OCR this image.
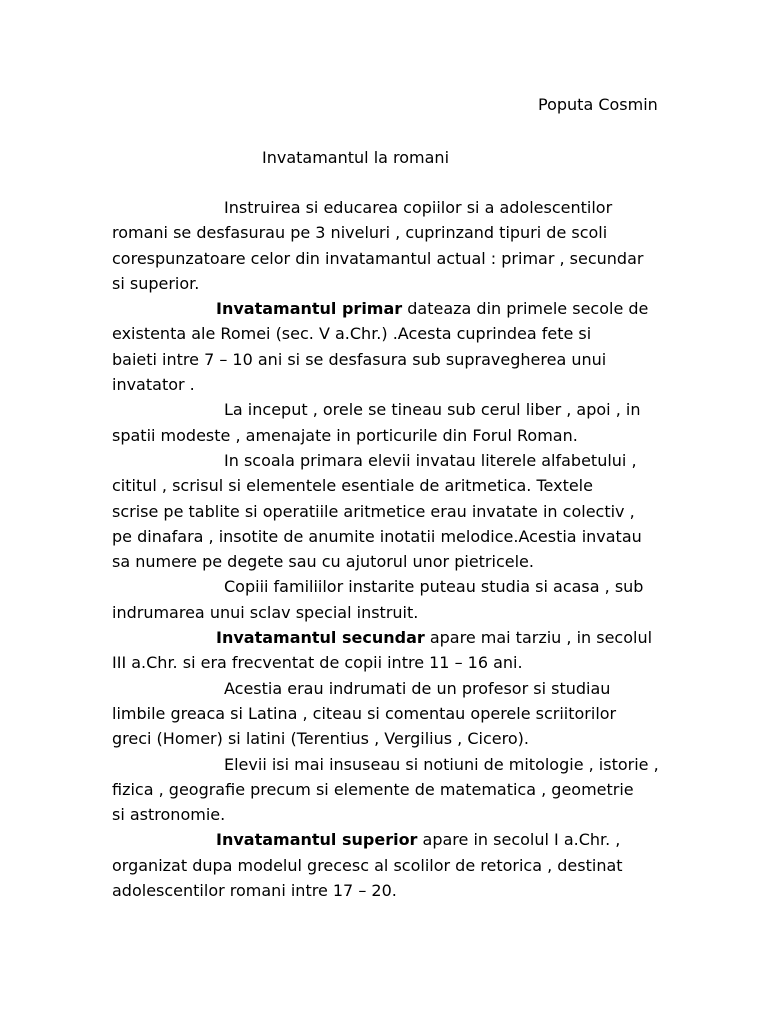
Poputa Cosmin
Invatamantul la romani
Instruirea si educarea copiilor si a adolescentilor
romani se desfasurau pe 3 niveluri , cuprinzand tipuri de scoli
corespunzatoare celor din invatamantul actual : primar , secundar
si superior.
Invatamantul primar dateaza din primele secole de
existenta ale Romei (sec. V a.Chr.) .Acesta cuprindea fete si
baieti intre 7 – 10 ani si se desfasura sub supravegherea unui
invatator .
La inceput , orele se tineau sub cerul liber , apoi , in
spatii modeste , amenajate in porticurile din Forul Roman.
In scoala primara elevii invatau literele alfabetului ,
cititul , scrisul si elementele esentiale de aritmetica. Textele
scrise pe tablite si operatiile aritmetice erau invatate in colectiv ,
pe dinafara , insotite de anumite inotatii melodice.Acestia invatau
sa numere pe degete sau cu ajutorul unor pietricele.
Copiii familiilor instarite puteau studia si acasa , sub
indrumarea unui sclav special instruit.
Invatamantul secundar apare mai tarziu , in secolul
III a.Chr. si era frecventat de copii intre 11 – 16 ani.
Acestia erau indrumati de un profesor si studiau
limbile greaca si Latina , citeau si comentau operele scriitorilor
greci (Homer) si latini (Terentius , Vergilius , Cicero).
Elevii isi mai insuseau si notiuni de mitologie , istorie ,
fizica , geografie precum si elemente de matematica , geometrie
si astronomie.
Invatamantul superior apare in secolul I a.Chr. ,
organizat dupa modelul grecesc al scolilor de retorica , destinat
adolescentilor romani intre 17 – 20.
